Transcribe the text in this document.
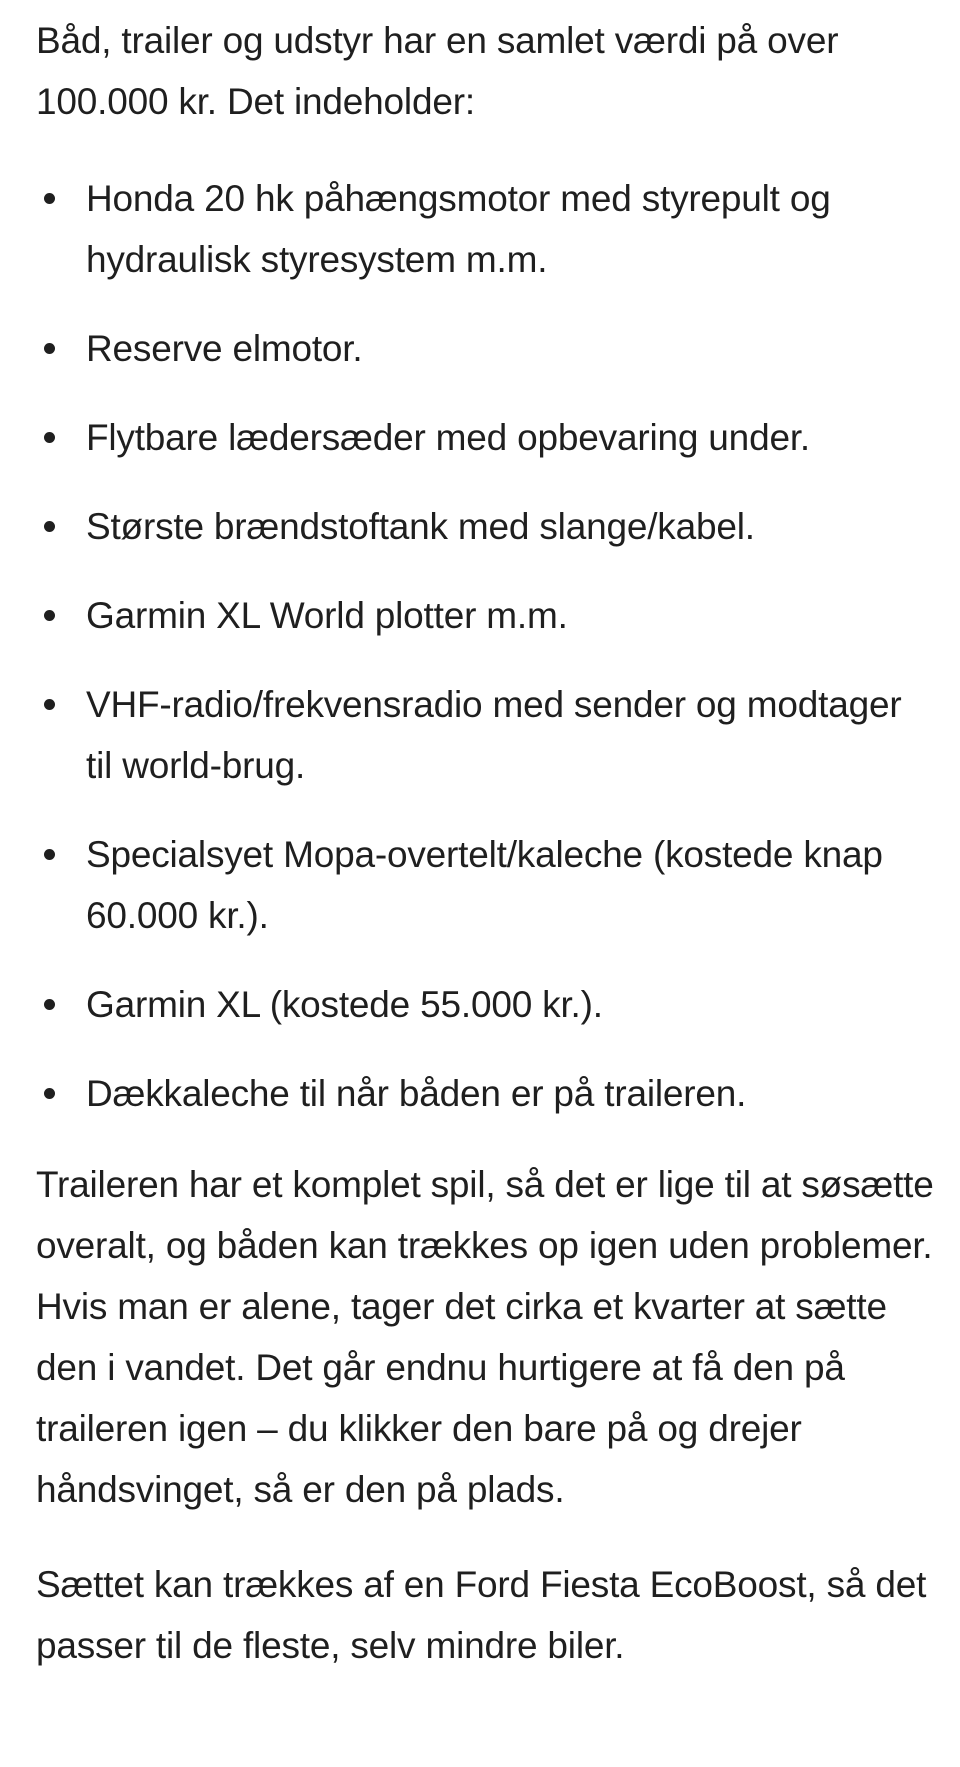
Båd, trailer og udstyr har en samlet værdi på over 100.000 kr. Det indeholder:

Honda 20 hk påhængsmotor med styrepult og hydraulisk styresystem m.m.
Reserve elmotor.
Flytbare lædersæder med opbevaring under.
Største brændstoftank med slange/kabel.
Garmin XL World plotter m.m.
VHF-radio/frekvensradio med sender og modtager til world-brug.
Specialsyet Mopa-overtelt/kaleche (kostede knap 60.000 kr.).
Garmin XL (kostede 55.000 kr.).
Dækkaleche til når båden er på traileren.

Traileren har et komplet spil, så det er lige til at søsætte overalt, og båden kan trækkes op igen uden problemer. Hvis man er alene, tager det cirka et kvarter at sætte den i vandet. Det går endnu hurtigere at få den på traileren igen – du klikker den bare på og drejer håndsvinget, så er den på plads.

Sættet kan trækkes af en Ford Fiesta EcoBoost, så det passer til de fleste, selv mindre biler.
